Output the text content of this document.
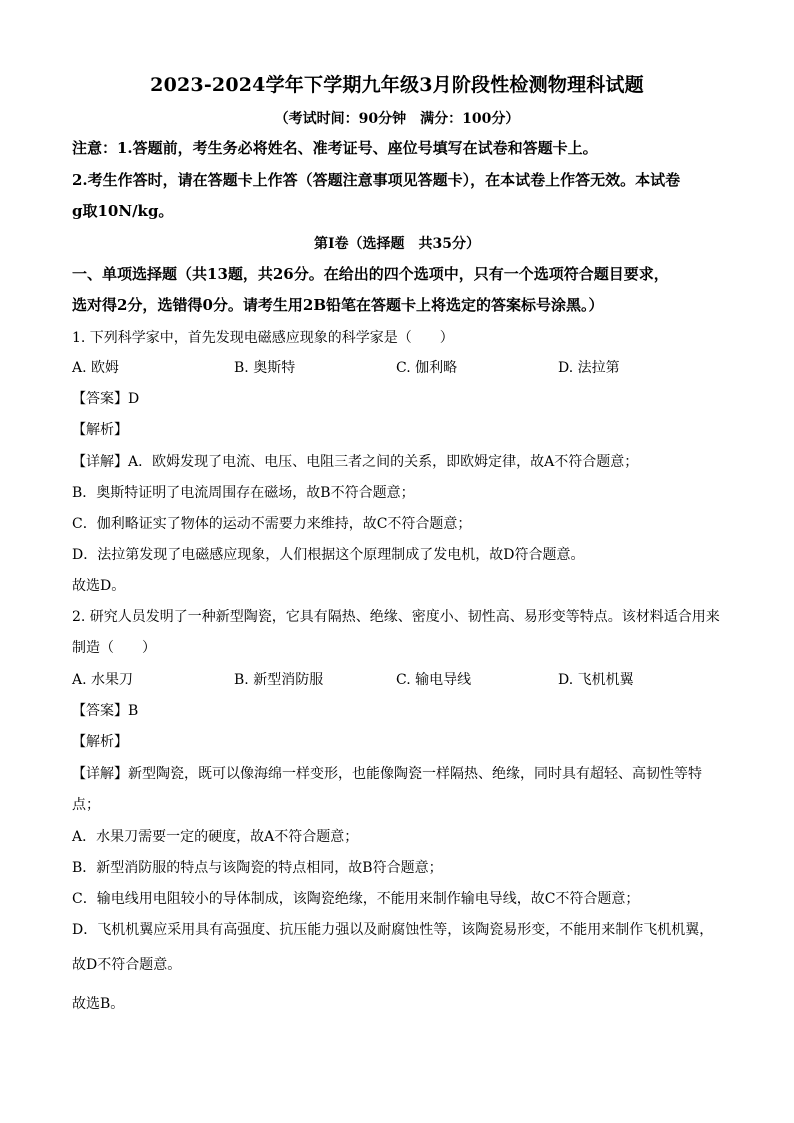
2023-2024学年下学期九年级3月阶段性检测物理科试题
（考试时间：90分钟　满分：100分）
注意：1.答题前，考生务必将姓名、准考证号、座位号填写在试卷和答题卡上。
2.考生作答时，请在答题卡上作答（答题注意事项见答题卡），在本试卷上作答无效。本试卷
g取10N/kg。
第Ⅰ卷（选择题　共35分）
一、单项选择题（共13题，共26分。在给出的四个选项中，只有一个选项符合题目要求，
选对得2分，选错得0分。请考生用2B铅笔在答题卡上将选定的答案标号涂黑。）
1. 下列科学家中，首先发现电磁感应现象的科学家是（　　）
A. 欧姆	B. 奥斯特	C. 伽利略	D. 法拉第
【答案】D
【解析】
【详解】A．欧姆发现了电流、电压、电阻三者之间的关系，即欧姆定律，故A不符合题意；
B．奥斯特证明了电流周围存在磁场，故B不符合题意；
C．伽利略证实了物体的运动不需要力来维持，故C不符合题意；
D．法拉第发现了电磁感应现象，人们根据这个原理制成了发电机，故D符合题意。
故选D。
2. 研究人员发明了一种新型陶瓷，它具有隔热、绝缘、密度小、韧性高、易形变等特点。该材料适合用来
制造（　　）
A. 水果刀	B. 新型消防服	C. 输电导线	D. 飞机机翼
【答案】B
【解析】
【详解】新型陶瓷，既可以像海绵一样变形，也能像陶瓷一样隔热、绝缘，同时具有超轻、高韧性等特
点；
A．水果刀需要一定的硬度，故A不符合题意；
B．新型消防服的特点与该陶瓷的特点相同，故B符合题意；
C．输电线用电阻较小的导体制成，该陶瓷绝缘，不能用来制作输电导线，故C不符合题意；
D．飞机机翼应采用具有高强度、抗压能力强以及耐腐蚀性等，该陶瓷易形变，不能用来制作飞机机翼，
故D不符合题意。
故选B。
